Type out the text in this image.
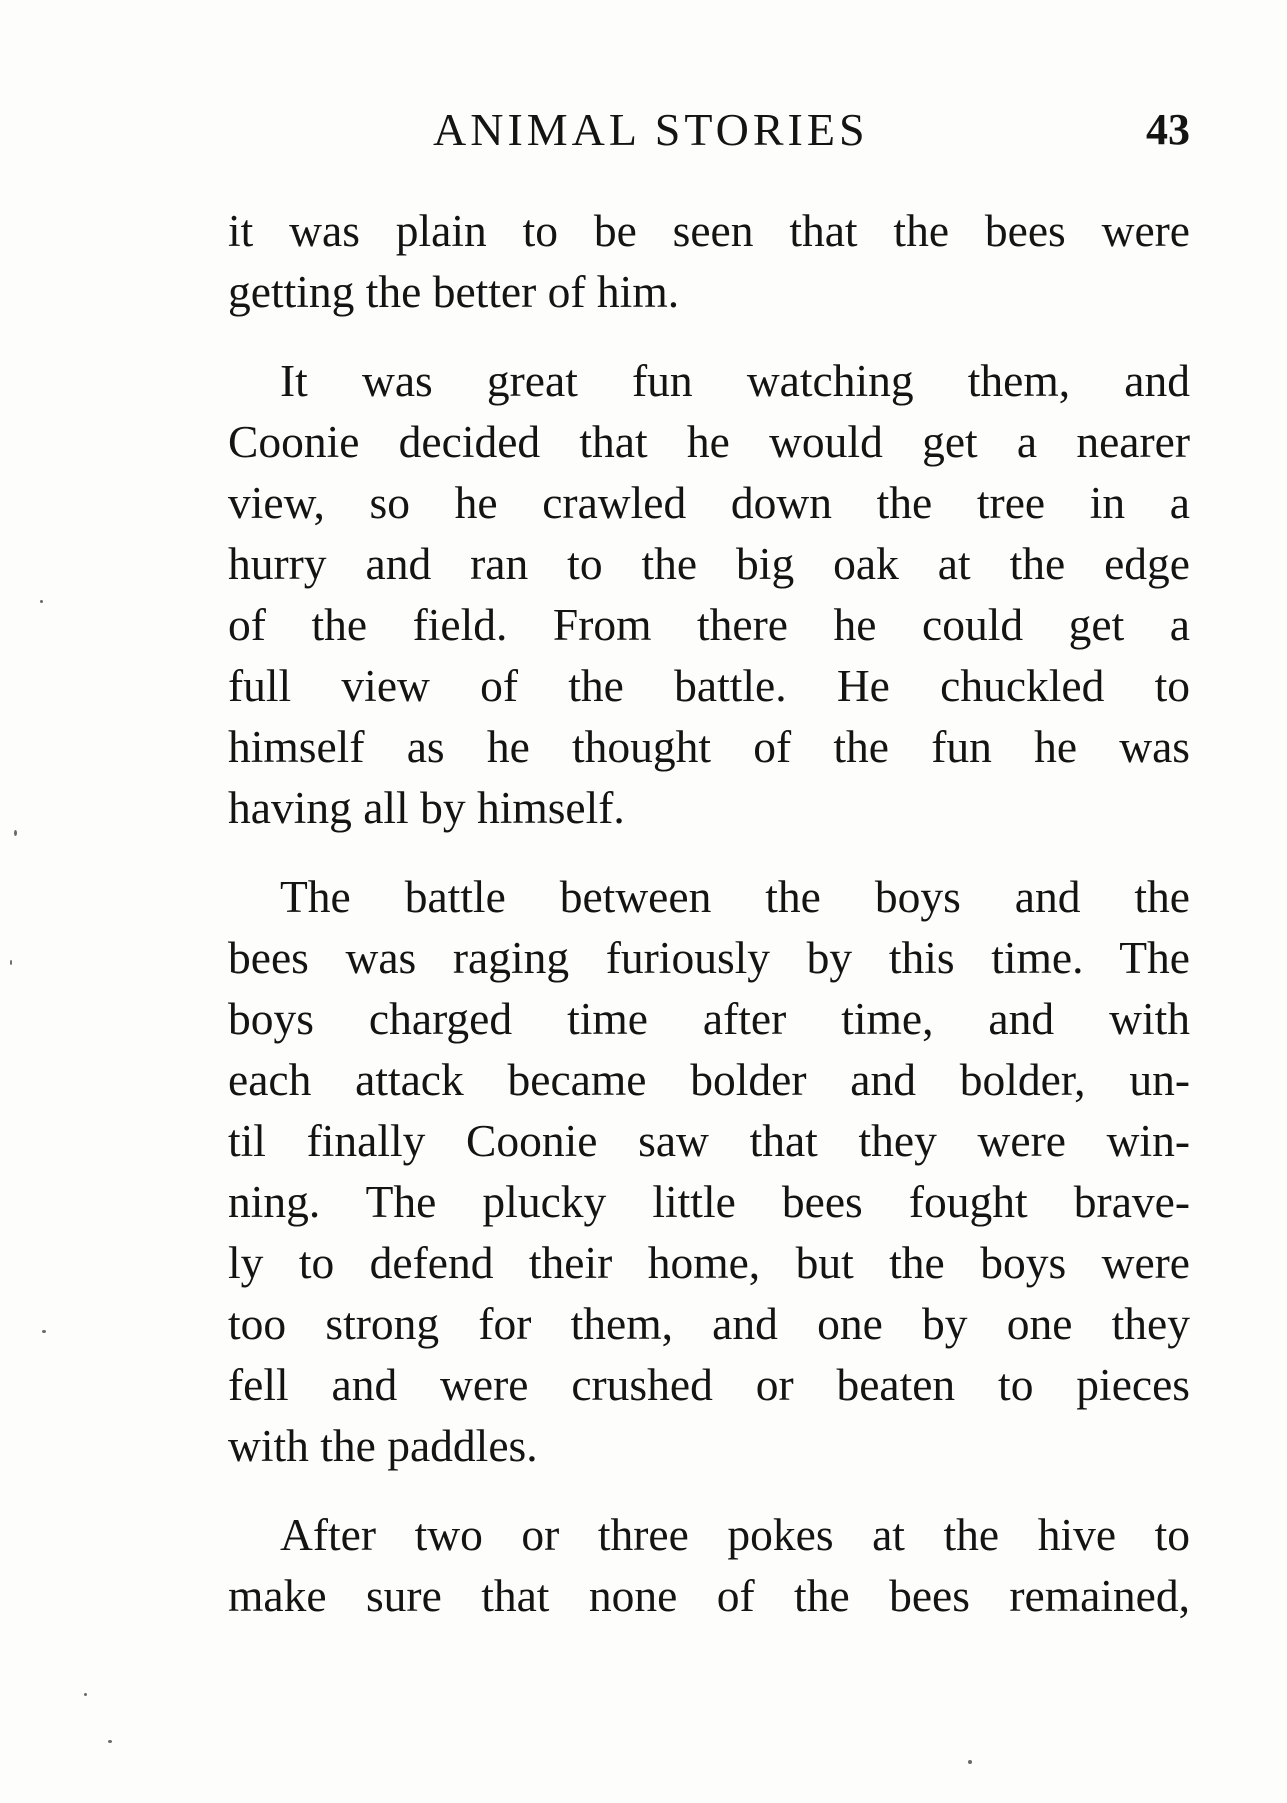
ANIMAL STORIES	43
it was plain to be seen that the bees were
getting the better of him.
It was great fun watching them, and
Coonie decided that he would get a nearer
view, so he crawled down the tree in a
hurry and ran to the big oak at the edge
of the field. From there he could get a
full view of the battle. He chuckled to
himself as he thought of the fun he was
having all by himself.
The battle between the boys and the
bees was raging furiously by this time. The
boys charged time after time, and with
each attack became bolder and bolder, un-
til finally Coonie saw that they were win-
ning. The plucky little bees fought brave-
ly to defend their home, but the boys were
too strong for them, and one by one they
fell and were crushed or beaten to pieces
with the paddles.
After two or three pokes at the hive to
make sure that none of the bees remained,
